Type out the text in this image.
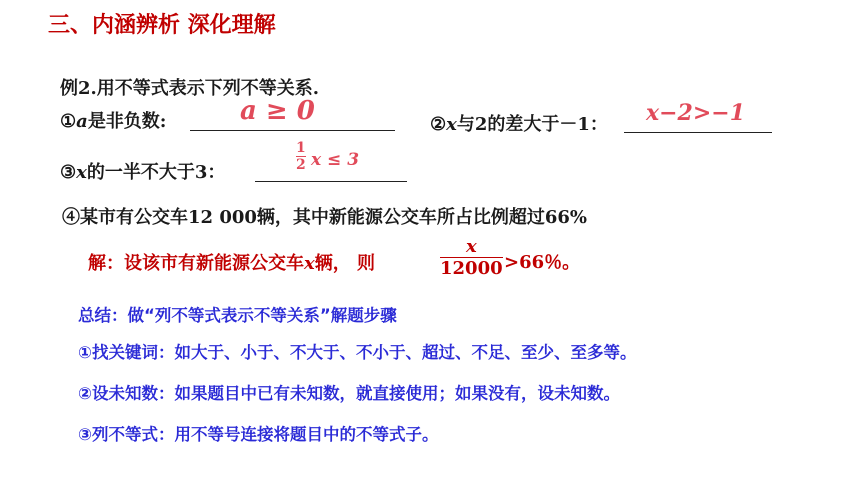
三、内涵辨析 深化理解
例2.用不等式表示下列不等关系.
①a是非负数:	a ≥ 0	②x与2的差大于－1： x−2>−1
③x的一半不大于3：
1
2 x ≤ 3
④某市有公交车12 000辆，其中新能源公交车所占比例超过66%
解：设该市有新能源公交车x辆， 则
x
12000 >66％。
总结：做“列不等式表示不等关系”解题步骤
①找关键词：如大于、小于、不大于、不小于、超过、不足、至少、至多等。
②设未知数：如果题目中已有未知数，就直接使用；如果没有，设未知数。
③列不等式：用不等号连接将题目中的不等式子。
